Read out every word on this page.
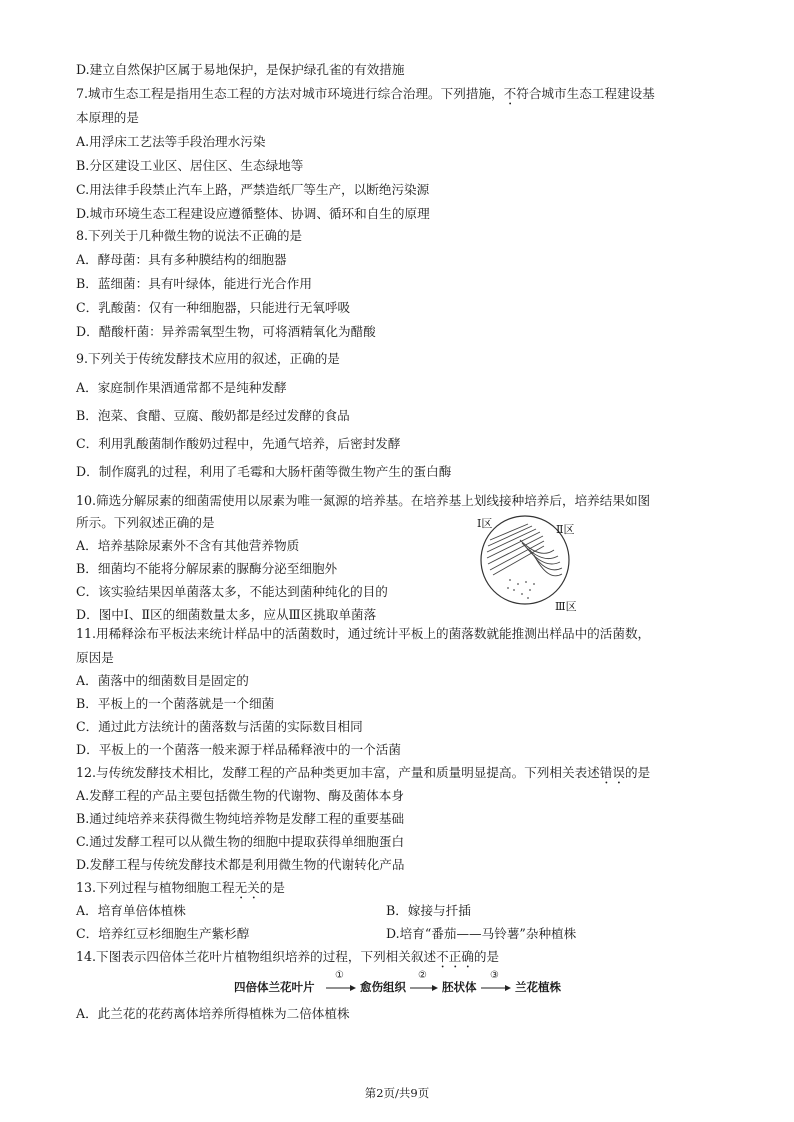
D.建立自然保护区属于易地保护，是保护绿孔雀的有效措施
7.城市生态工程是指用生态工程的方法对城市环境进行综合治理。下列措施，不符合城市生态工程建设基
本原理的是
A.用浮床工艺法等手段治理水污染
B.分区建设工业区、居住区、生态绿地等
C.用法律手段禁止汽车上路，严禁造纸厂等生产，以断绝污染源
D.城市环境生态工程建设应遵循整体、协调、循环和自生的原理
8.下列关于几种微生物的说法不正确的是
A．酵母菌：具有多种膜结构的细胞器
B．蓝细菌：具有叶绿体，能进行光合作用
C．乳酸菌：仅有一种细胞器，只能进行无氧呼吸
D．醋酸杆菌：异养需氧型生物，可将酒精氧化为醋酸
9.下列关于传统发酵技术应用的叙述，正确的是
A．家庭制作果酒通常都不是纯种发酵
B．泡菜、食醋、豆腐、酸奶都是经过发酵的食品
C．利用乳酸菌制作酸奶过程中，先通气培养，后密封发酵
D．制作腐乳的过程，利用了毛霉和大肠杆菌等微生物产生的蛋白酶
10.筛选分解尿素的细菌需使用以尿素为唯一氮源的培养基。在培养基上划线接种培养后，培养结果如图
所示。下列叙述正确的是
A．培养基除尿素外不含有其他营养物质
B．细菌均不能将分解尿素的脲酶分泌至细胞外
C．该实验结果因单菌落太多，不能达到菌种纯化的目的
D．图中Ⅰ、Ⅱ区的细菌数量太多，应从Ⅲ区挑取单菌落
Ⅰ区	Ⅱ区
Ⅲ区
11.用稀释涂布平板法来统计样品中的活菌数时，通过统计平板上的菌落数就能推测出样品中的活菌数，
原因是
A．菌落中的细菌数目是固定的
B．平板上的一个菌落就是一个细菌
C．通过此方法统计的菌落数与活菌的实际数目相同
D．平板上的一个菌落一般来源于样品稀释液中的一个活菌
12.与传统发酵技术相比，发酵工程的产品种类更加丰富，产量和质量明显提高。下列相关表述错误的是
A.发酵工程的产品主要包括微生物的代谢物、酶及菌体本身
B.通过纯培养来获得微生物纯培养物是发酵工程的重要基础
C.通过发酵工程可以从微生物的细胞中提取获得单细胞蛋白
D.发酵工程与传统发酵技术都是利用微生物的代谢转化产品
13.下列过程与植物细胞工程无关的是
A．培育单倍体植株	B．嫁接与扦插
C．培养红豆杉细胞生产紫杉醇	D.培育“番茄——马铃薯”杂种植株
14.下图表示四倍体兰花叶片植物组织培养的过程，下列相关叙述不正确的是
四倍体兰花叶片
①
愈伤组织
②
胚状体
③
兰花植株
A．此兰花的花药离体培养所得植株为二倍体植株
第2页/共9页
